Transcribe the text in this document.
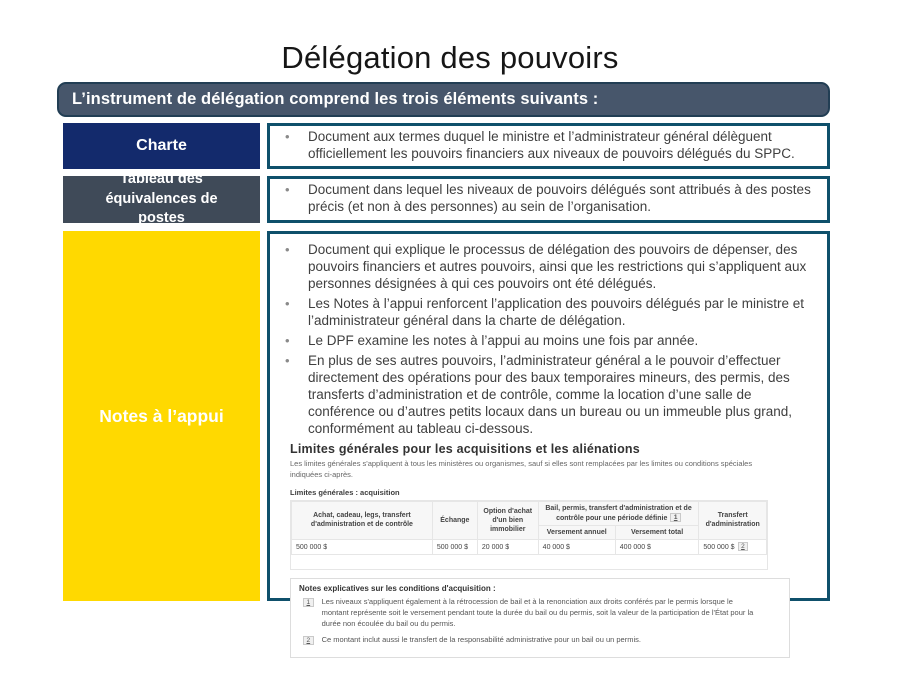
Délégation des pouvoirs
L’instrument de délégation comprend les trois éléments suivants :
Charte
• Document aux termes duquel le ministre et l’administrateur général délèguent officiellement les pouvoirs financiers aux niveaux de pouvoirs délégués du SPPC.
Tableau des équivalences de postes
• Document dans lequel les niveaux de pouvoirs délégués sont attribués à des postes précis (et non à des personnes) au sein de l’organisation.
Notes à l’appui
• Document qui explique le processus de délégation des pouvoirs de dépenser, des pouvoirs financiers et autres pouvoirs, ainsi que les restrictions qui s’appliquent aux personnes désignées à qui ces pouvoirs ont été délégués.
• Les Notes à l’appui renforcent l’application des pouvoirs délégués par le ministre et l’administrateur général dans la charte de délégation.
• Le DPF examine les notes à l’appui au moins une fois par année.
• En plus de ses autres pouvoirs, l’administrateur général a le pouvoir d’effectuer directement des opérations pour des baux temporaires mineurs, des permis, des transferts d’administration et de contrôle, comme la location d’une salle de conférence ou d’autres petits locaux dans un bureau ou un immeuble plus grand, conformément au tableau ci-dessous.
Limites générales pour les acquisitions et les aliénations
Les limites générales s'appliquent à tous les ministères ou organismes, sauf si elles sont remplacées par les limites ou conditions spéciales indiquées ci-après.
Limites générales : acquisition
Achat, cadeau, legs, transfert d'administration et de contrôle	Échange	Option d'achat d'un bien immobilier	Bail, permis, transfert d'administration et de contrôle pour une période définie 1		Transfert d'administration
			Versement annuel	Versement total	
500 000 $	500 000 $	20 000 $	40 000 $	400 000 $	500 000 $ 2
Notes explicatives sur les conditions d'acquisition :
1	Les niveaux s'appliquent également à la rétrocession de bail et à la renonciation aux droits conférés par le permis lorsque le montant représente soit le versement pendant toute la durée du bail ou du permis, soit la valeur de la participation de l'État pour la durée non écoulée du bail ou du permis.
2	Ce montant inclut aussi le transfert de la responsabilité administrative pour un bail ou un permis.
